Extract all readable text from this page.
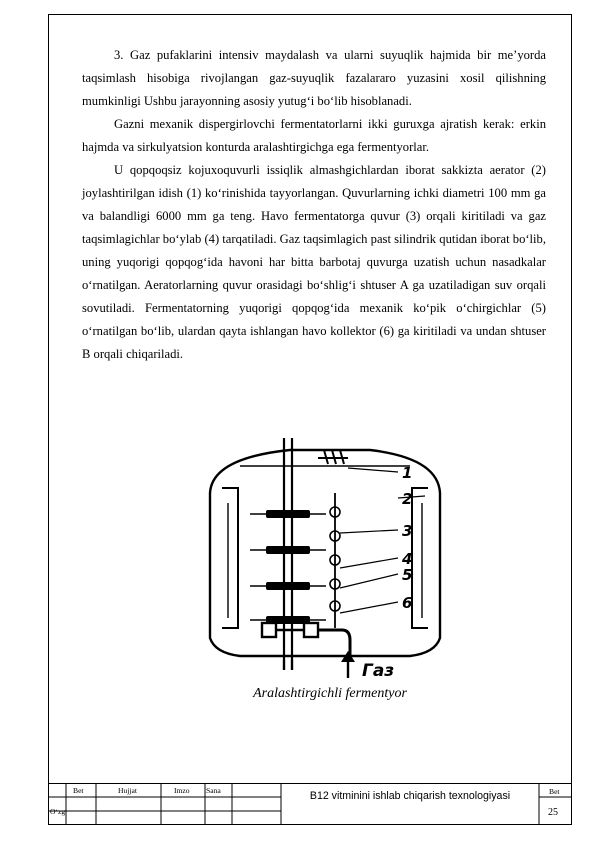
3. Gaz pufaklarini intensiv maydalash va ularni suyuqlik hajmida bir me’yorda taqsimlash hisobiga rivojlangan gaz-suyuqlik fazalararo yuzasini xosil qilishning mumkinligi Ushbu jarayonning asosiy yutug‘i bo‘lib hisoblanadi.

Gazni mexanik dispergirlovchi fermentatorlarni ikki guruxga ajratish kerak: erkin hajmda va sirkulyatsion konturda aralashtirgichga ega fermentyorlar.

U qopqoqsiz kojuxoquvurli issiqlik almashgichlardan iborat sakkizta aerator (2) joylashtirilgan idish (1) ko‘rinishida tayyorlangan. Quvurlarning ichki diametri 100 mm ga va balandligi 6000 mm ga teng. Havo fermentatorga quvur (3) orqali kiritiladi va gaz taqsimlagichlar bo‘ylab (4) tarqatiladi. Gaz taqsimlagich past silindrik qutidan iborat bo‘lib, uning yuqorigi qopqog‘ida havoni har bitta barbotaj quvurga uzatish uchun nasadkalar o‘rnatilgan. Aeratorlarning quvur orasidagi bo‘shlig‘i shtuser A ga uzatiladigan suv orqali sovutiladi. Fermentatorning yuqorigi qopqog‘ida mexanik ko‘pik o‘chirgichlar (5) o‘rnatilgan bo‘lib, ulardan qayta ishlangan havo kollektor (6) ga kiritiladi va undan shtuser B orqali chiqariladi.

Газ
1
2
3
4
5
6
Aralashtirgichli fermentyor
O‘zg
Bet	Hujjat	Imzo Sana	B12 vitminini ishlab chiqarish texnologiyasi	Bet
25
